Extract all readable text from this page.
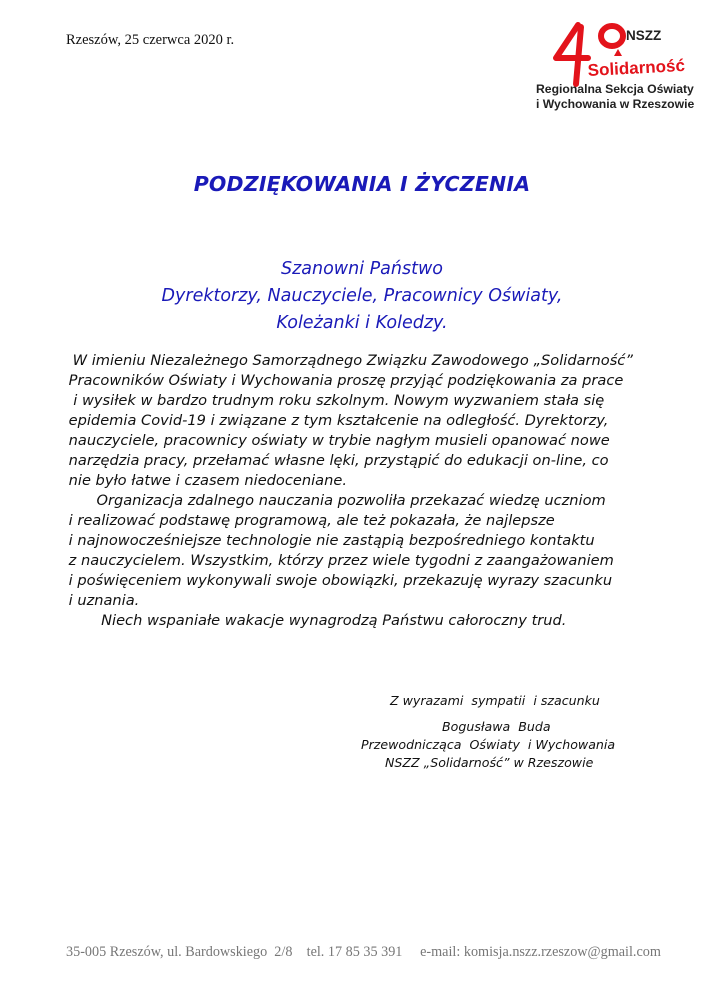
Rzeszów, 25 czerwca 2020 r.
Solidarność
NSZZ
Regionalna Sekcja Oświaty
i Wychowania w Rzeszowie
PODZIĘKOWANIA I ŻYCZENIA
Szanowni Państwo
Dyrektorzy, Nauczyciele, Pracownicy Oświaty,
Koleżanki i Koledzy.
W imieniu Niezależnego Samorządnego Związku Zawodowego „Solidarność”
Pracowników Oświaty i Wychowania proszę przyjąć podziękowania za prace
i wysiłek w bardzo trudnym roku szkolnym. Nowym wyzwaniem stała się
epidemia Covid-19 i związane z tym kształcenie na odległość. Dyrektorzy,
nauczyciele, pracownicy oświaty w trybie nagłym musieli opanować nowe
narzędzia pracy, przełamać własne lęki, przystąpić do edukacji on-line, co
nie było łatwe i czasem niedoceniane.
Organizacja zdalnego nauczania pozwoliła przekazać wiedzę uczniom
i realizować podstawę programową, ale też pokazała, że najlepsze
i najnowocześniejsze technologie nie zastąpią bezpośredniego kontaktu
z nauczycielem. Wszystkim, którzy przez wiele tygodni z zaangażowaniem
i poświęceniem wykonywali swoje obowiązki, przekazuję wyrazy szacunku
i uznania.
Niech wspaniałe wakacje wynagrodzą Państwu całoroczny trud.
Z wyrazami  sympatii  i szacunku
Bogusława  Buda
Przewodnicząca  Oświaty  i Wychowania
NSZZ „Solidarność” w Rzeszowie
35-005 Rzeszów, ul. Bardowskiego  2/8    tel. 17 85 35 391     e-mail: komisja.nszz.rzeszow@gmail.com
